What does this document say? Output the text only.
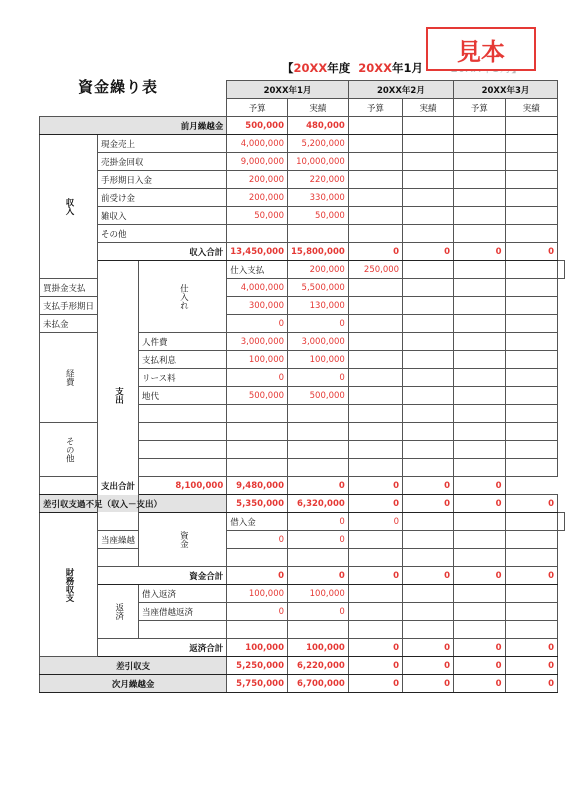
資金繰り表
【20XX年度 20XX年1月
見本
			20XX年1月		20XX年2月		20XX年3月		
			予算	実績	予算	実績	予算	実績	
前月繰越金			500,000	480,000					
収入	現金売上		4,000,000	5,200,000					
	売掛金回収		9,000,000	10,000,000					
	手形期日入金		200,000	220,000					
	前受け金		200,000	330,000					
	雑収入		50,000	50,000					
	その他								
	収入合計		13,450,000	15,800,000	0	0	0	0	
	支出	仕入れ	仕入支払	200,000	250,000				
買掛金支払			4,000,000	5,500,000					
支払手形期日			300,000	130,000					
未払金			0	0					
経費		人件費	3,000,000	3,000,000					
		支払利息	100,000	100,000					
		リース料	0	0					
		地代	500,000	500,000					

その他									

支出合計		8,100,000	9,480,000	0	0	0	0		
差引収支過不足（収入－支出）			5,350,000	6,320,000	0	0	0	0	
財務収支		資金	借入金	0	0				
	当座繰越		0	0					

	資金合計		0	0	0	0	0	0	
	返済	借入返済	100,000	100,000					
		当座借越返済	0	0					

	返済合計		100,000	100,000	0	0	0	0	
差引収支			5,250,000	6,220,000	0	0	0	0	
次月繰越金			5,750,000	6,700,000	0	0	0	0	
